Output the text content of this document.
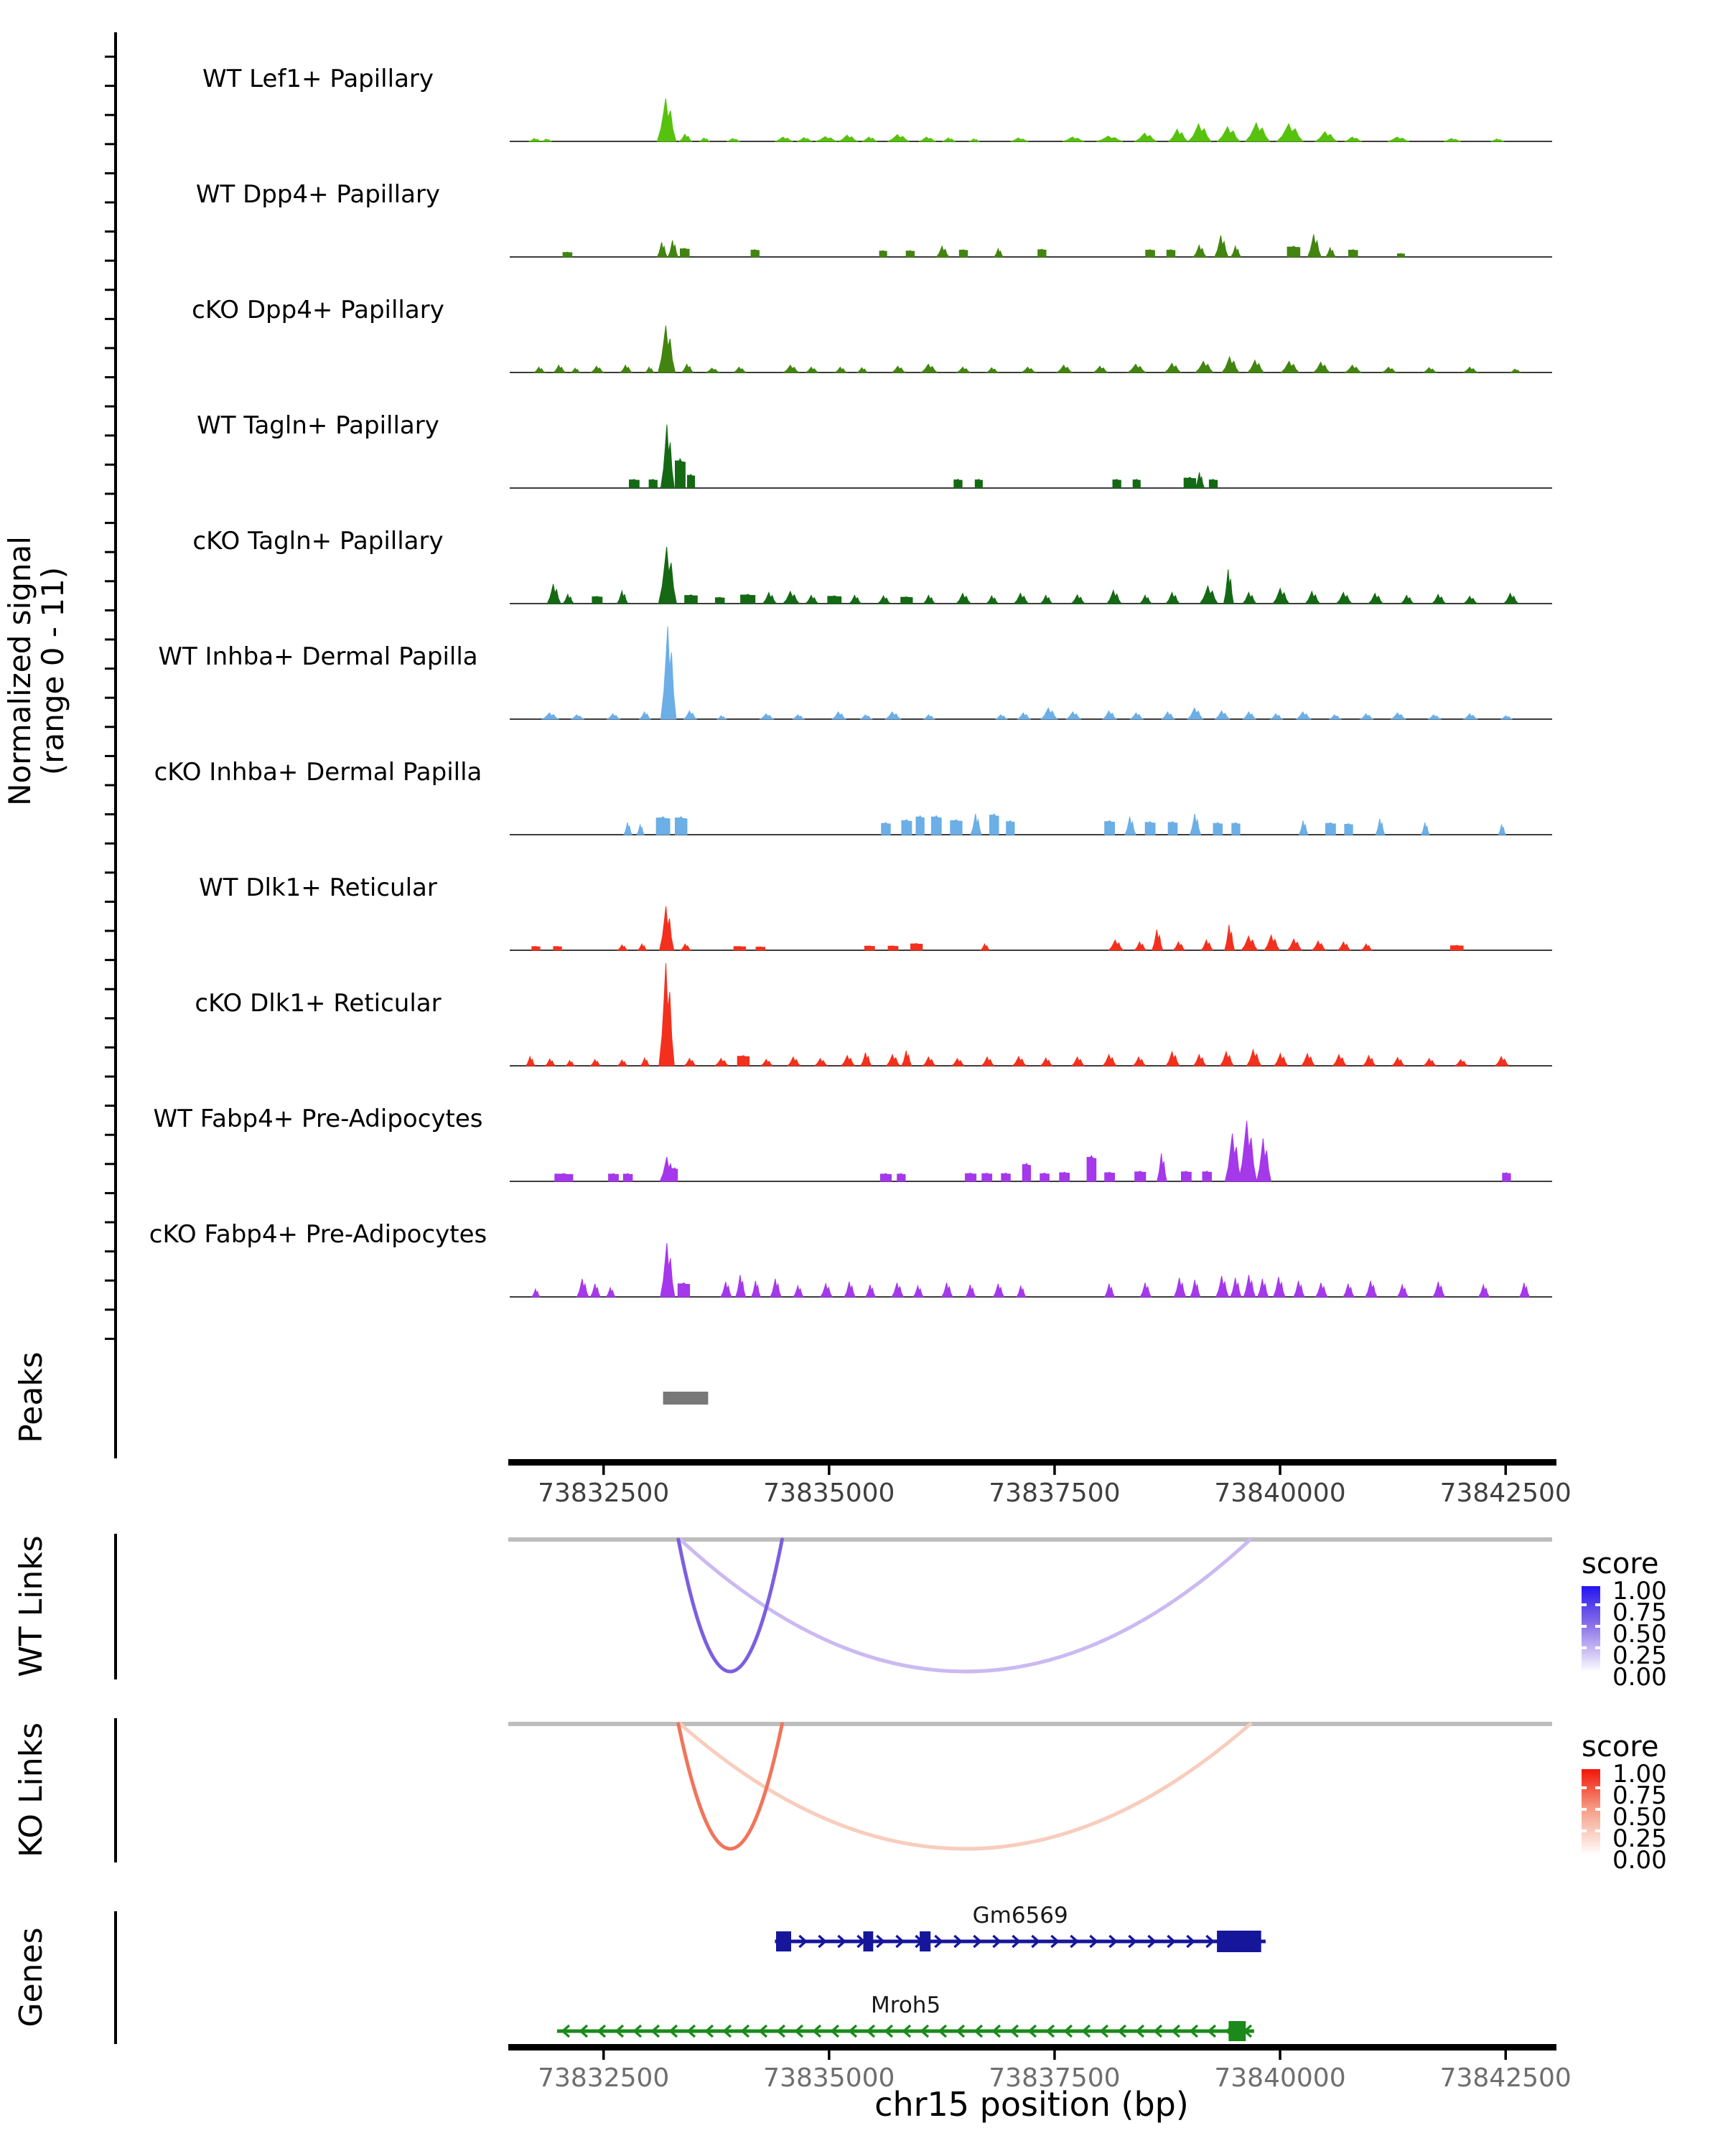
Normalized signal
(range 0 - 11)
WT Lef1+ Papillary
WT Dpp4+ Papillary
cKO Dpp4+ Papillary
WT Tagln+ Papillary
cKO Tagln+ Papillary
WT Inhba+ Dermal Papilla
cKO Inhba+ Dermal Papilla
WT Dlk1+ Reticular
cKO Dlk1+ Reticular
WT Fabp4+ Pre-Adipocytes
cKO Fabp4+ Pre-Adipocytes
Peaks
73832500	73835000	73837500	73840000	73842500
WT Links
KO Links
score
1.00
0.75
0.50
0.25
0.00
score
1.00
0.75
0.50
0.25
0.00
Genes
Gm6569
Mroh5
73832500	73835000	73837500	73840000	73842500
chr15 position (bp)
